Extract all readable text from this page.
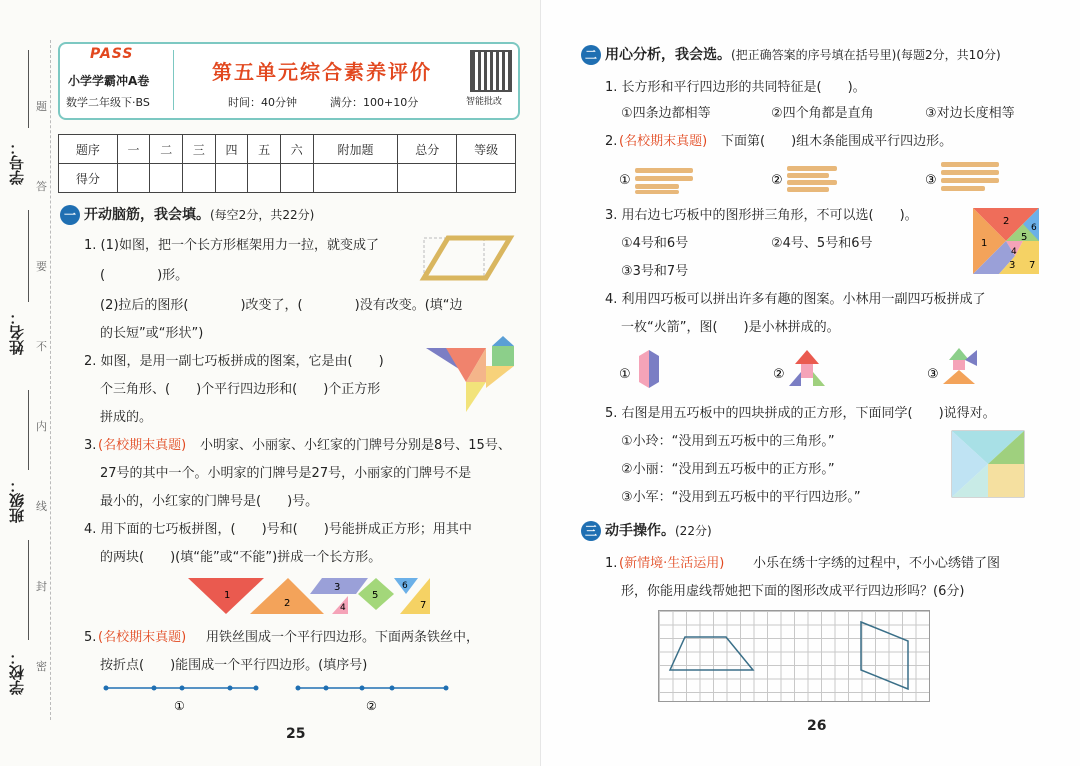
学号：
姓名：
班级：
学校：
题
答
要
不
内
线
封
密
PASS
小学学霸冲A卷
数学二年级下·BS
第五单元综合素养评价
时间：40分钟	满分：100+10分	智能批改
题序	一	二	三	四	五	六	附加题	总分	等级
得分									
一 开动脑筋，我会填。(每空2分，共22分)
1. (1)如图，把一个长方形框架用力一拉，就变成了
(　　　　)形。
(2)拉后的图形(　　　　)改变了，(　　　　)没有改变。(填“边
的长短”或“形状”)
2. 如图，是用一副七巧板拼成的图案，它是由(　　)
个三角形、(　　)个平行四边形和(　　)个正方形
拼成的。
3. (名校期末真题) 小明家、小丽家、小红家的门牌号分别是8号、15号、
27号的其中一个。小明家的门牌号是27号，小丽家的门牌号不是
最小的，小红家的门牌号是(　　)号。
4. 用下面的七巧板拼图，(　　)号和(　　)号能拼成正方形；用其中
的两块(　　)(填“能”或“不能”)拼成一个长方形。
1
2
3
4
5
6
7
5. (名校期末真题) 用铁丝围成一个平行四边形。下面两条铁丝中，
按折点(　　)能围成一个平行四边形。(填序号)
①	②
25
二 用心分析，我会选。(把正确答案的序号填在括号里)(每题2分，共10分)
1. 长方形和平行四边形的共同特征是(　　)。
①四条边都相等	②四个角都是直角	③对边长度相等
2. (名校期末真题) 下面第(　　)组木条能围成平行四边形。
①	②	③
3. 用右边七巧板中的图形拼三角形，不可以选(　　)。
①4号和6号	②4号、5号和6号
③3号和7号
2
1
3
4
5
6
7
4. 利用四巧板可以拼出许多有趣的图案。小林用一副四巧板拼成了
一枚“火箭”，图(　　)是小林拼成的。
①	②	③
5. 右图是用五巧板中的四块拼成的正方形，下面同学(　　)说得对。
①小玲：“没用到五巧板中的三角形。”
②小丽：“没用到五巧板中的正方形。”
③小军：“没用到五巧板中的平行四边形。”
三 动手操作。(22分)
1. (新情境·生活运用) 小乐在绣十字绣的过程中，不小心绣错了图
形，你能用虚线帮她把下面的图形改成平行四边形吗？(6分)
26
